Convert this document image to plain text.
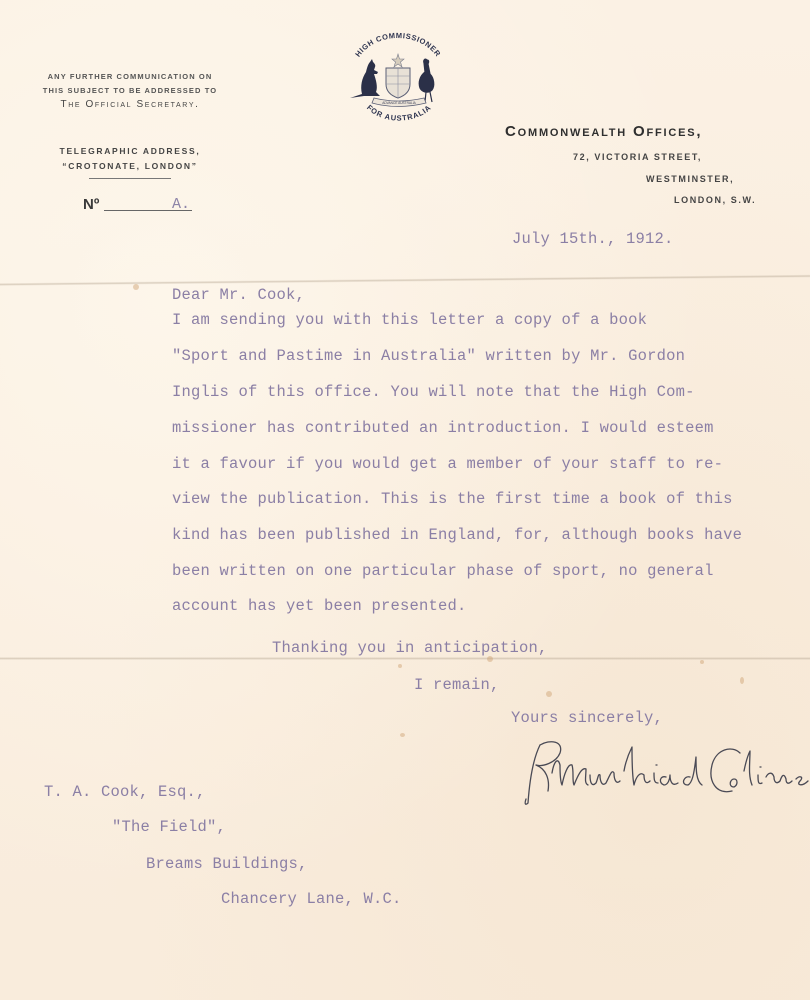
ANY FURTHER COMMUNICATION ON
THIS SUBJECT TO BE ADDRESSED TO
The Official Secretary.
TELEGRAPHIC ADDRESS,
“CROTONATE, LONDON”
Nº	A.
HIGH COMMISSIONER
ADVANCE AUSTRALIA
FOR AUSTRALIA
Commonwealth Offices,
72, VICTORIA STREET,
WESTMINSTER,
LONDON, S.W.
July 15th., 1912.
Dear Mr. Cook,
I am sending you with this letter a copy of a book
"Sport and Pastime in Australia" written by Mr. Gordon
Inglis of this office. You will note that the High Com-
missioner has contributed an introduction. I would esteem
it a favour if you would get a member of your staff to re-
view the publication. This is the first time a book of this
kind has been published in England, for, although books have
been written on one particular phase of sport, no general
account has yet been presented.
Thanking you in anticipation,
I remain,
Yours sincerely,
T. A. Cook, Esq.,
"The Field",
Breams Buildings,
Chancery Lane, W.C.
